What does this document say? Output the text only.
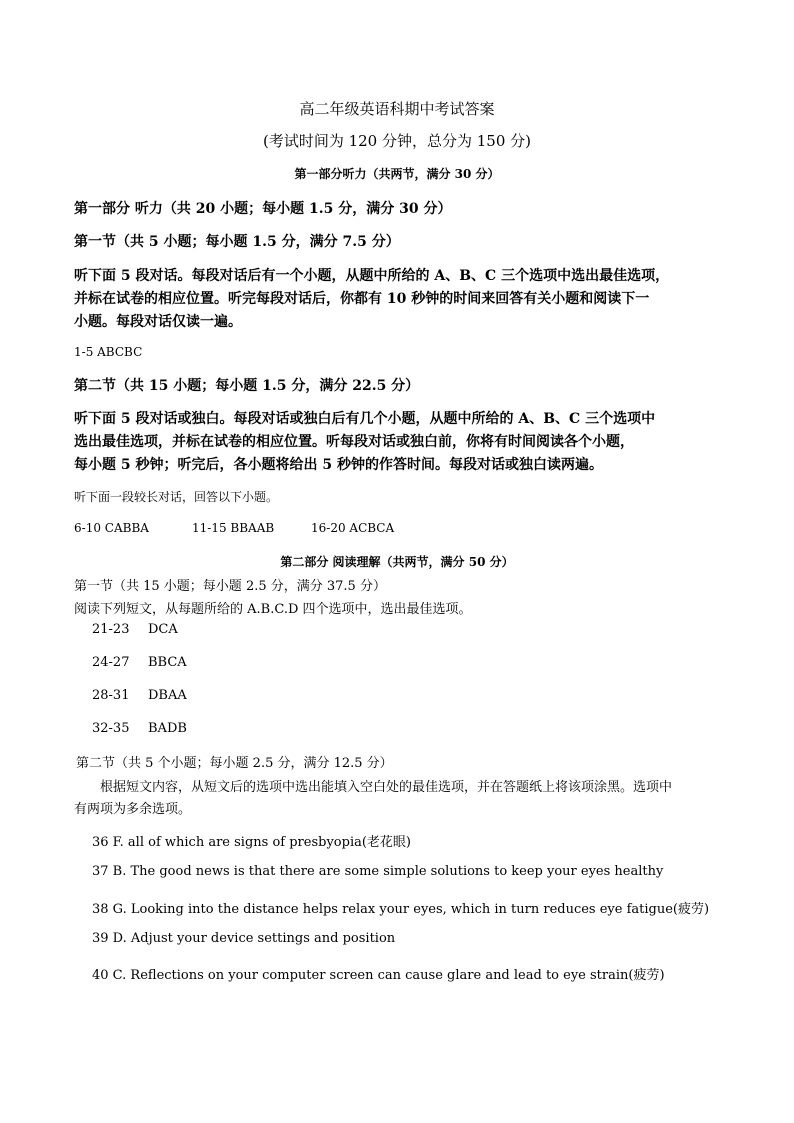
高二年级英语科期中考试答案

(考试时间为 120 分钟，总分为 150 分)

第一部分听力（共两节，满分 30 分）

第一部分 听力（共 20 小题；每小题 1.5 分，满分 30 分）

第一节（共 5 小题；每小题 1.5 分，满分 7.5 分）

听下面 5 段对话。每段对话后有一个小题，从题中所给的 A、B、C 三个选项中选出最佳选项，

并标在试卷的相应位置。听完每段对话后，你都有 10 秒钟的时间来回答有关小题和阅读下一

小题。每段对话仅读一遍。

1-5 ABCBC

第二节（共 15 小题；每小题 1.5 分，满分 22.5 分）

听下面 5 段对话或独白。每段对话或独白后有几个小题，从题中所给的 A、B、C 三个选项中

选出最佳选项，并标在试卷的相应位置。听每段对话或独白前，你将有时间阅读各个小题，

每小题 5 秒钟；听完后，各小题将给出 5 秒钟的作答时间。每段对话或独白读两遍。

听下面一段较长对话，回答以下小题。

6-10 CABBA	11-15 BBAAB	16-20 ACBCA

第二部分 阅读理解（共两节，满分 50 分）

第一节（共 15 小题；每小题 2.5 分，满分 37.5 分）

阅读下列短文，从每题所给的 A.B.C.D 四个选项中，选出最佳选项。

21-23 DCA
24-27 BBCA
28-31 DBAA
32-35 BADB

第二节（共 5 个小题；每小题 2.5 分，满分 12.5 分）

根据短文内容，从短文后的选项中选出能填入空白处的最佳选项，并在答题纸上将该项涂黑。选项中

有两项为多余选项。

36 F. all of which are signs of presbyopia(老花眼)

37 B. The good news is that there are some simple solutions to keep your eyes healthy

38 G. Looking into the distance helps relax your eyes, which in turn reduces eye fatigue(疲劳)

39 D. Adjust your device settings and position

40 C. Reflections on your computer screen can cause glare and lead to eye strain(疲劳)
